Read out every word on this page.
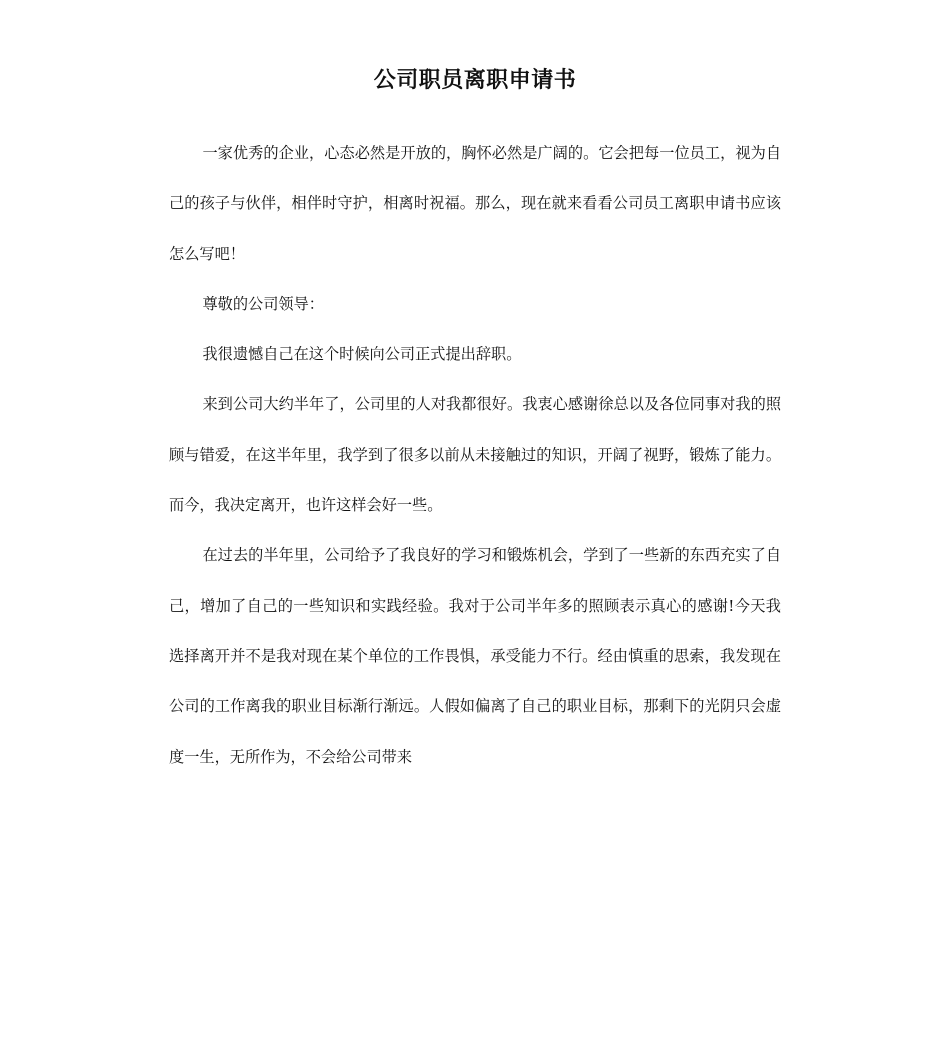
公司职员离职申请书

一家优秀的企业，心态必然是开放的，胸怀必然是广阔的。它会把每一位员工，视为自己的孩子与伙伴，相伴时守护，相离时祝福。那么，现在就来看看公司员工离职申请书应该怎么写吧！

尊敬的公司领导：

我很遗憾自己在这个时候向公司正式提出辞职。

来到公司大约半年了，公司里的人对我都很好。我衷心感谢徐总以及各位同事对我的照顾与错爱，在这半年里，我学到了很多以前从未接触过的知识，开阔了视野，锻炼了能力。而今，我决定离开，也许这样会好一些。

在过去的半年里，公司给予了我良好的学习和锻炼机会，学到了一些新的东西充实了自己，增加了自己的一些知识和实践经验。我对于公司半年多的照顾表示真心的感谢!今天我选择离开并不是我对现在某个单位的工作畏惧，承受能力不行。经由慎重的思索，我发现在公司的工作离我的职业目标渐行渐远。人假如偏离了自己的职业目标，那剩下的光阴只会虚度一生，无所作为，不会给公司带来
